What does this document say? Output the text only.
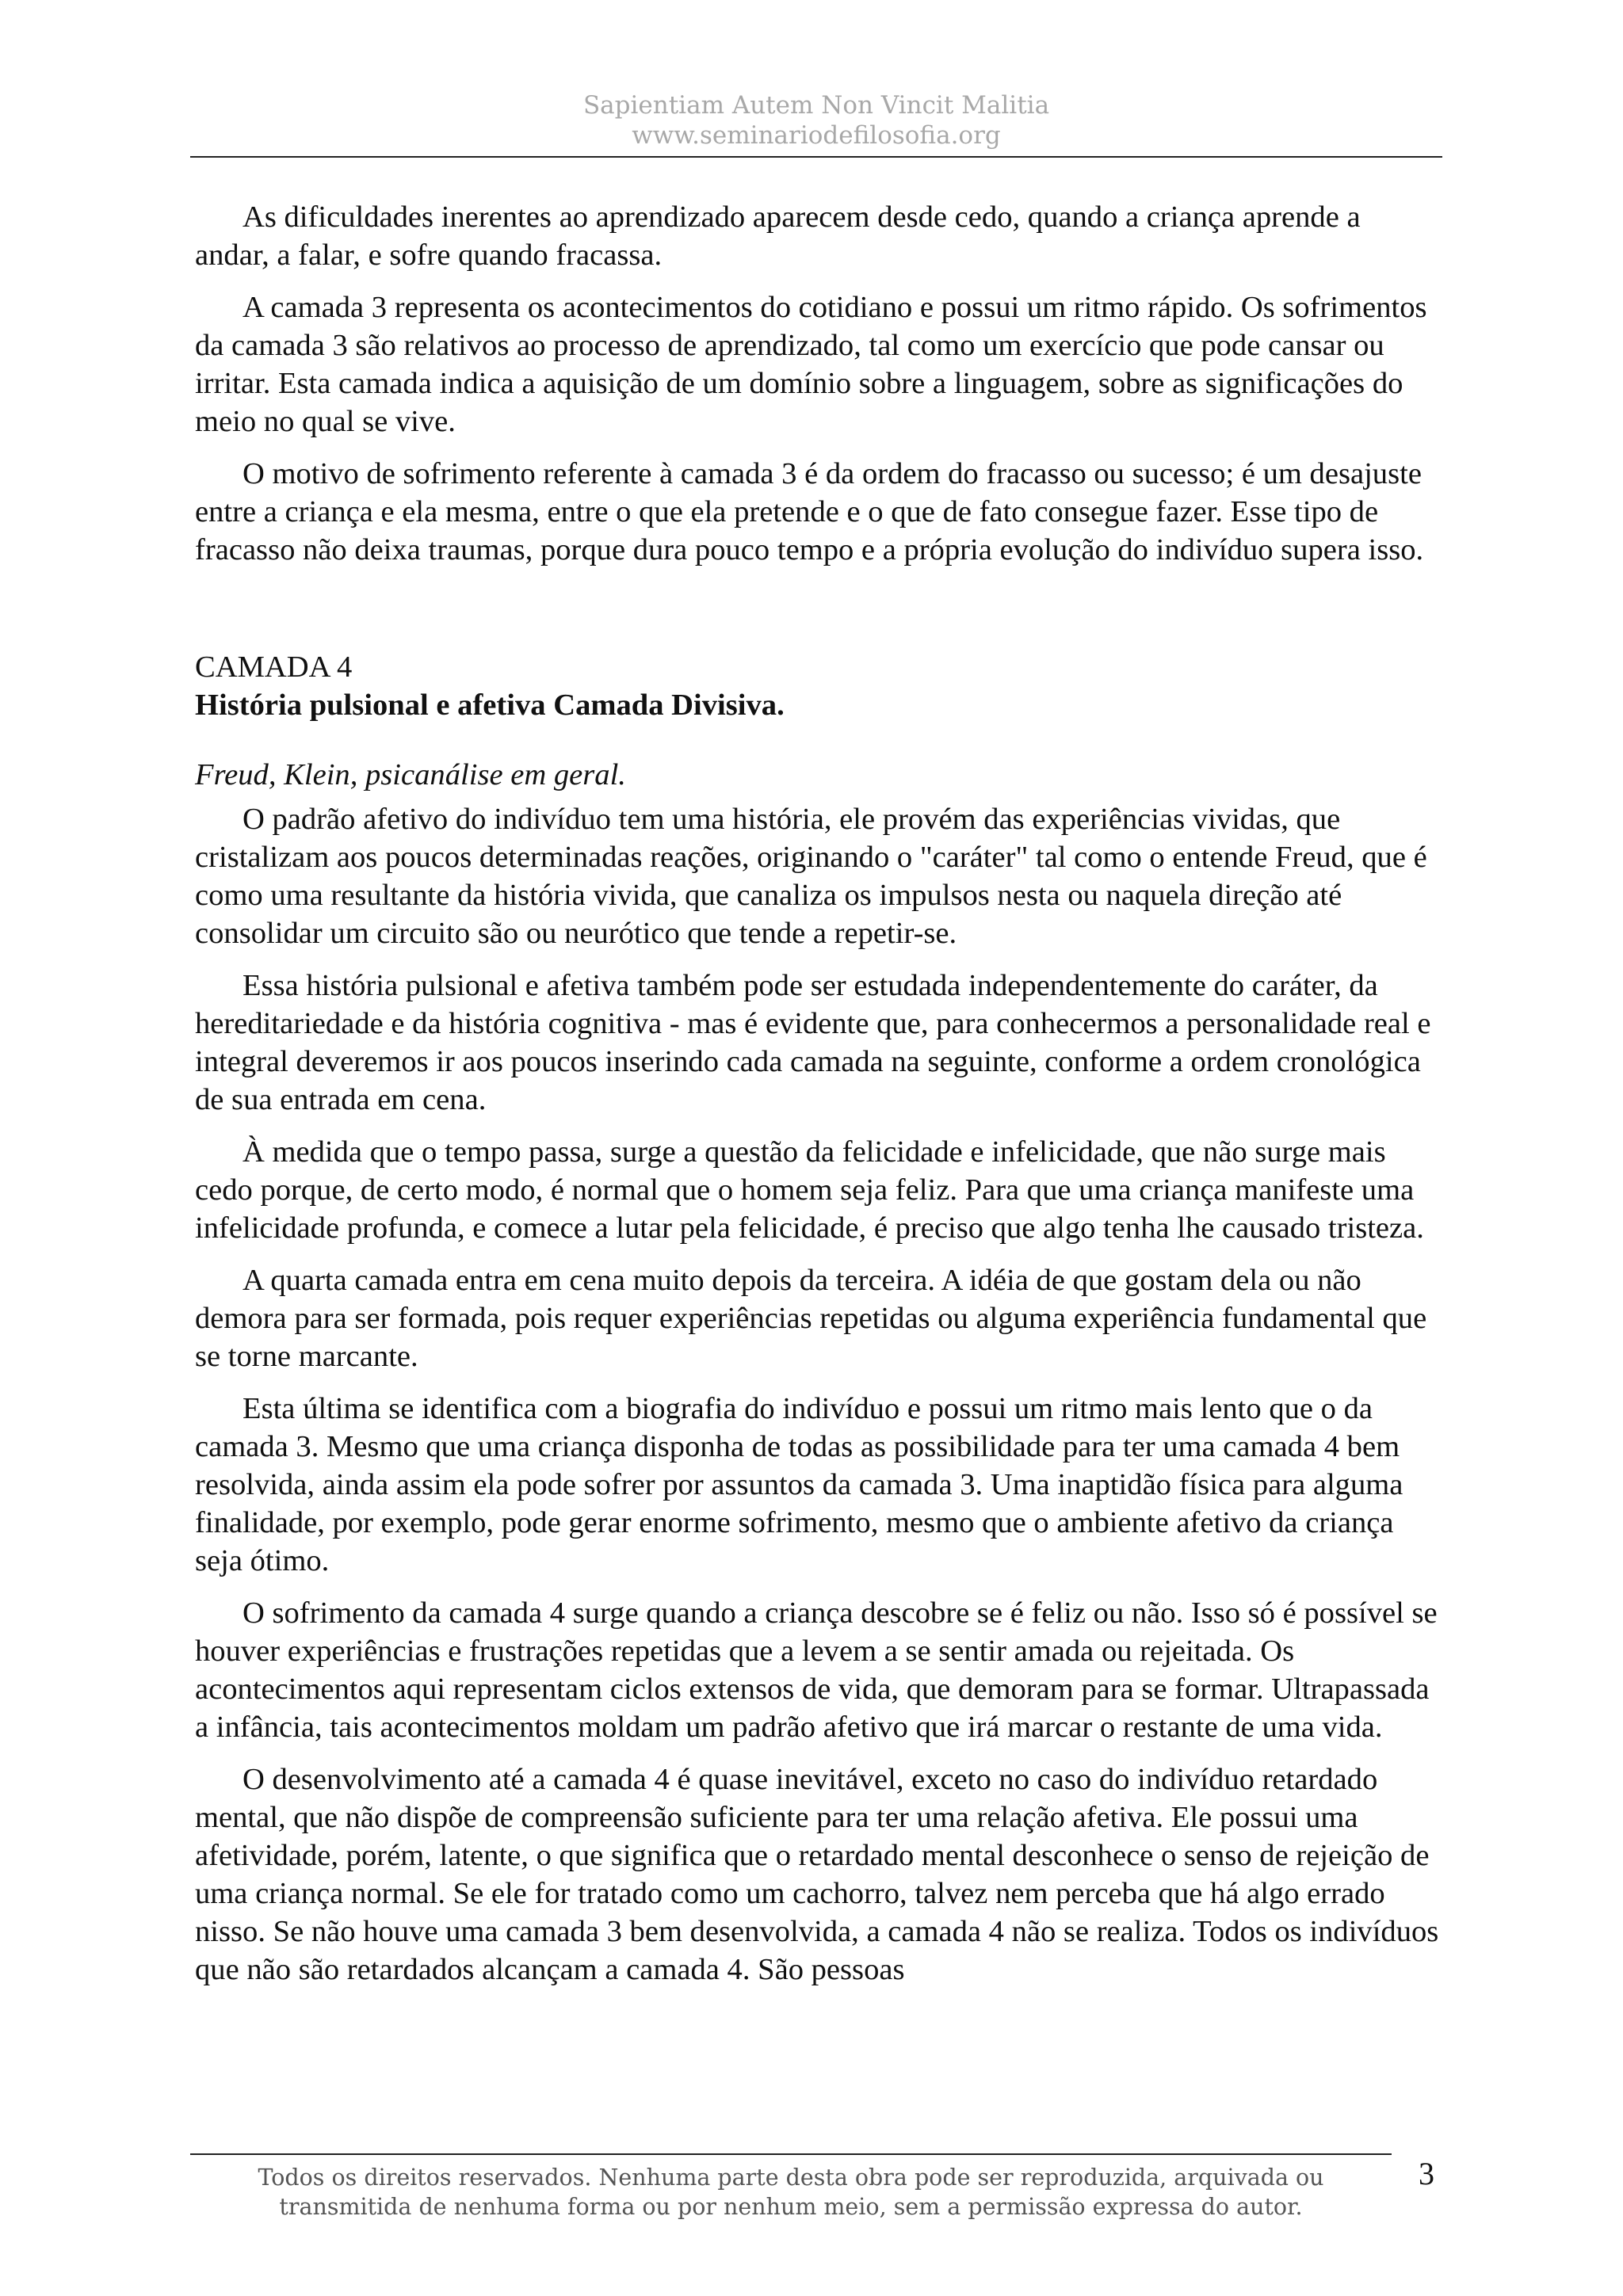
Sapientiam Autem Non Vincit Malitia
www.seminariodefilosofia.org

As dificuldades inerentes ao aprendizado aparecem desde cedo, quando a criança aprende a andar, a falar, e sofre quando fracassa.

A camada 3 representa os acontecimentos do cotidiano e possui um ritmo rápido. Os sofrimentos da camada 3 são relativos ao processo de aprendizado, tal como um exercício que pode cansar ou irritar. Esta camada indica a aquisição de um domínio sobre a linguagem, sobre as significações do meio no qual se vive.

O motivo de sofrimento referente à camada 3 é da ordem do fracasso ou sucesso; é um desajuste entre a criança e ela mesma, entre o que ela pretende e o que de fato consegue fazer. Esse tipo de fracasso não deixa traumas, porque dura pouco tempo e a própria evolução do indivíduo supera isso.

CAMADA 4
História pulsional e afetiva Camada Divisiva.
Freud, Klein, psicanálise em geral.

O padrão afetivo do indivíduo tem uma história, ele provém das experiências vividas, que cristalizam aos poucos determinadas reações, originando o "caráter" tal como o entende Freud, que é como uma resultante da história vivida, que canaliza os impulsos nesta ou naquela direção até consolidar um circuito são ou neurótico que tende a repetir-se.

Essa história pulsional e afetiva também pode ser estudada independentemente do caráter, da hereditariedade e da história cognitiva - mas é evidente que, para conhecermos a personalidade real e integral deveremos ir aos poucos inserindo cada camada na seguinte, conforme a ordem cronológica de sua entrada em cena.

À medida que o tempo passa, surge a questão da felicidade e infelicidade, que não surge mais cedo porque, de certo modo, é normal que o homem seja feliz. Para que uma criança manifeste uma infelicidade profunda, e comece a lutar pela felicidade, é preciso que algo tenha lhe causado tristeza.

A quarta camada entra em cena muito depois da terceira. A idéia de que gostam dela ou não demora para ser formada, pois requer experiências repetidas ou alguma experiência fundamental que se torne marcante.

Esta última se identifica com a biografia do indivíduo e possui um ritmo mais lento que o da camada 3. Mesmo que uma criança disponha de todas as possibilidade para ter uma camada 4 bem resolvida, ainda assim ela pode sofrer por assuntos da camada 3. Uma inaptidão física para alguma finalidade, por exemplo, pode gerar enorme sofrimento, mesmo que o ambiente afetivo da criança seja ótimo.

O sofrimento da camada 4 surge quando a criança descobre se é feliz ou não. Isso só é possível se houver experiências e frustrações repetidas que a levem a se sentir amada ou rejeitada. Os acontecimentos aqui representam ciclos extensos de vida, que demoram para se formar. Ultrapassada a infância, tais acontecimentos moldam um padrão afetivo que irá marcar o restante de uma vida.

O desenvolvimento até a camada 4 é quase inevitável, exceto no caso do indivíduo retardado mental, que não dispõe de compreensão suficiente para ter uma relação afetiva. Ele possui uma afetividade, porém, latente, o que significa que o retardado mental desconhece o senso de rejeição de uma criança normal. Se ele for tratado como um cachorro, talvez nem perceba que há algo errado nisso. Se não houve uma camada 3 bem desenvolvida, a camada 4 não se realiza. Todos os indivíduos que não são retardados alcançam a camada 4. São pessoas

Todos os direitos reservados. Nenhuma parte desta obra pode ser reproduzida, arquivada ou
transmitida de nenhuma forma ou por nenhum meio, sem a permissão expressa do autor.
3
